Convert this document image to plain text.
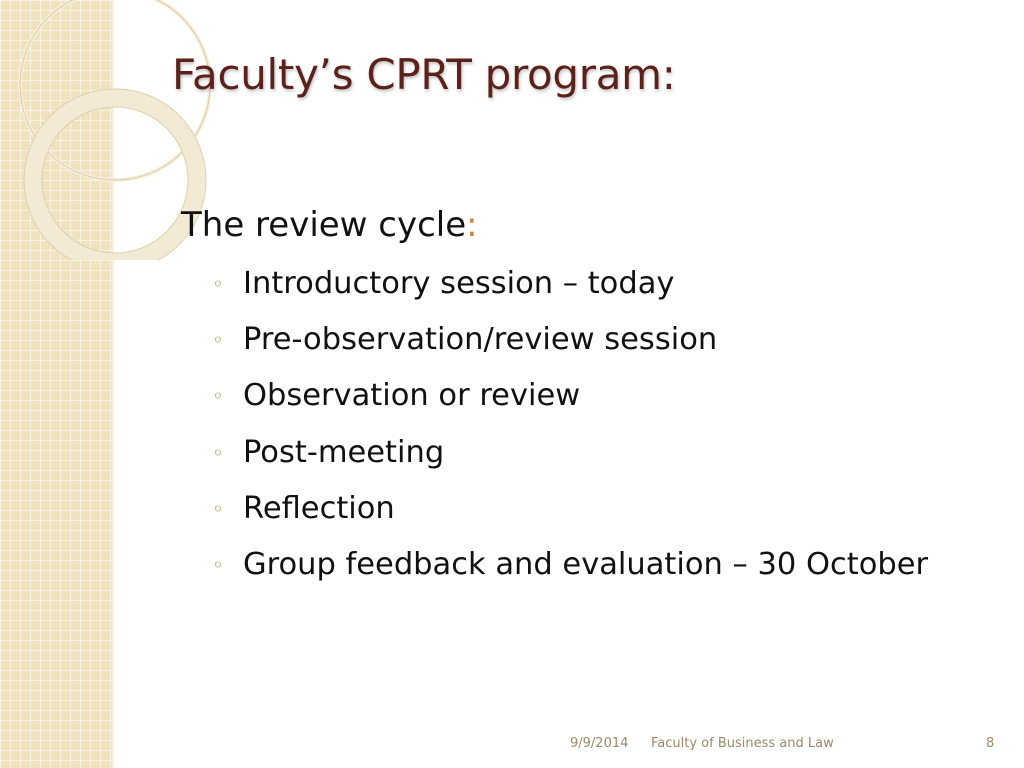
Faculty’s CPRT program:
The review cycle:
◦ Introductory session – today
◦ Pre-observation/review session
◦ Observation or review
◦ Post-meeting
◦ Reflection
◦ Group feedback and evaluation – 30 October
9/9/2014 Faculty of Business and Law	8
